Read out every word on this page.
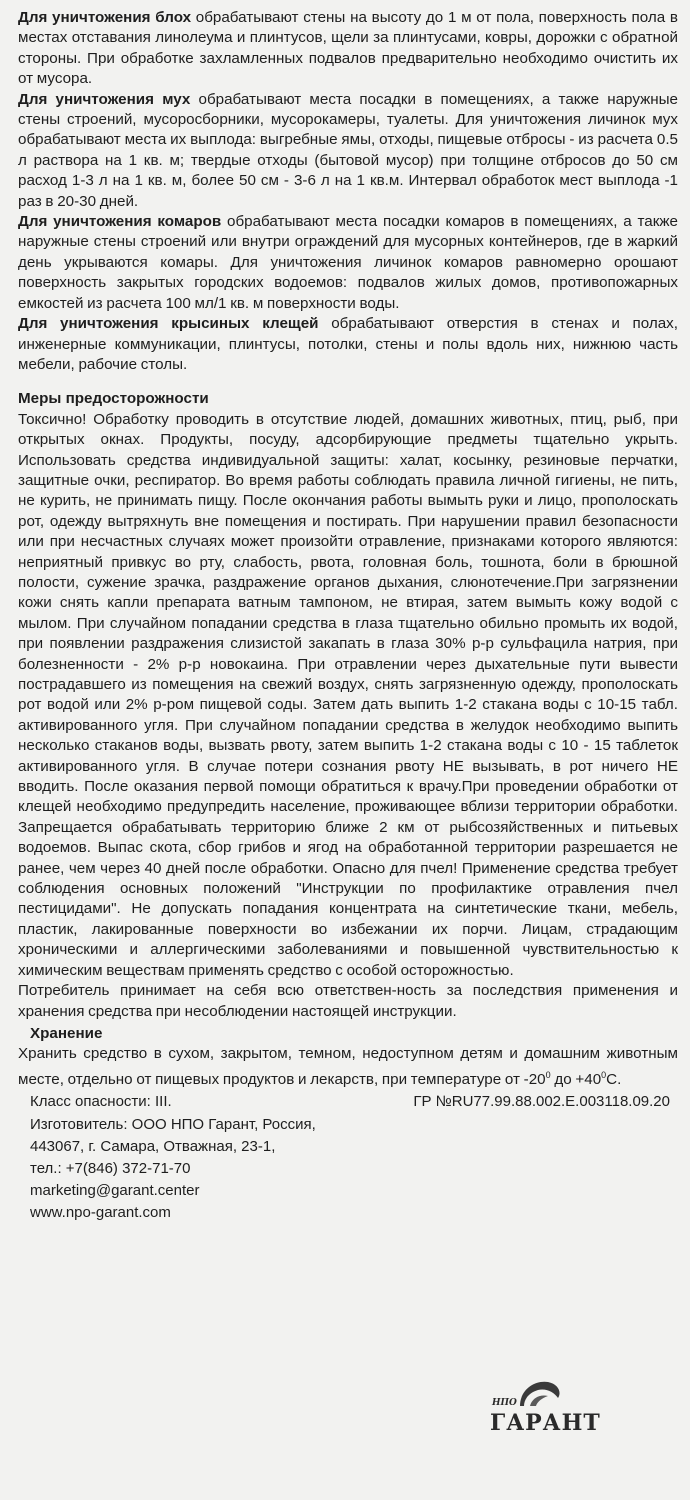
Для уничтожения блох обрабатывают стены на высоту до 1 м от пола, поверхность пола в местах отставания линолеума и плинтусов, щели за плинтусами, ковры, дорожки с обратной стороны. При обработке захламленных подвалов предварительно необходимо очистить их от мусора.

Для уничтожения мух обрабатывают места посадки в помещениях, а также наружные стены строений, мусоросборники, мусорокамеры, туалеты. Для уничтожения личинок мух обрабатывают места их выплода: выгребные ямы, отходы, пищевые отбросы - из расчета 0.5 л раствора на 1 кв. м; твердые отходы (бытовой мусор) при толщине отбросов до 50 см расход 1-3 л на 1 кв. м, более 50 см - 3-6 л на 1 кв.м. Интервал обработок мест выплода -1 раз в 20-30 дней.

Для уничтожения комаров обрабатывают места посадки комаров в помещениях, а также наружные стены строений или внутри ограждений для мусорных контейнеров, где в жаркий день укрываются комары. Для уничтожения личинок комаров равномерно орошают поверхность закрытых городских водоемов: подвалов жилых домов, противопожарных емкостей из расчета 100 мл/1 кв. м поверхности воды.

Для уничтожения крысиных клещей обрабатывают отверстия в стенах и полах, инженерные коммуникации, плинтусы, потолки, стены и полы вдоль них, нижнюю часть мебели, рабочие столы.

Меры предосторожности

Токсично! Обработку проводить в отсутствие людей, домашних животных, птиц, рыб, при открытых окнах. Продукты, посуду, адсорбирующие предметы тщательно укрыть. Использовать средства индивидуальной защиты: халат, косынку, резиновые перчатки, защитные очки, респиратор. Во время работы соблюдать правила личной гигиены, не пить, не курить, не принимать пищу. После окончания работы вымыть руки и лицо, прополоскать рот, одежду вытряхнуть вне помещения и постирать. При нарушении правил безопасности или при несчастных случаях может произойти отравление, признаками которого являются: неприятный привкус во рту, слабость, рвота, головная боль, тошнота, боли в брюшной полости, сужение зрачка, раздражение органов дыхания, слюнотечение.При загрязнении кожи снять капли препарата ватным тампоном, не втирая, затем вымыть кожу водой с мылом. При случайном попадании средства в глаза тщательно обильно промыть их водой, при появлении раздражения слизистой закапать в глаза 30% р-р сульфацила натрия, при болезненности - 2% р-р новокаина. При отравлении через дыхательные пути вывести пострадавшего из помещения на свежий воздух, снять загрязненную одежду, прополоскать рот водой или 2% р-ром пищевой соды. Затем дать выпить 1-2 стакана воды с 10-15 табл. активированного угля. При случайном попадании средства в желудок необходимо выпить несколько стаканов воды, вызвать рвоту, затем выпить 1-2 стакана воды с 10 - 15 таблеток активированного угля. В случае потери сознания рвоту НЕ вызывать, в рот ничего НЕ вводить. После оказания первой помощи обратиться к врачу.При проведении обработки от клещей необходимо предупредить население, проживающее вблизи территории обработки. Запрещается обрабатывать территорию ближе 2 км от рыбсозяйственных и питьевых водоемов. Выпас скота, сбор грибов и ягод на обработанной территории разрешается не ранее, чем через 40 дней после обработки. Опасно для пчел! Применение средства требует соблюдения основных положений "Инструкции по профилактике отравления пчел пестицидами". Не допускать попадания концентрата на синтетические ткани, мебель, пластик, лакированные поверхности во избежании их порчи. Лицам, страдающим хроническими и аллергическими заболеваниями и повышенной чувствительностью к химическим веществам применять средство с особой осторожностью.

Потребитель принимает на себя всю ответствен-ность за последствия применения и хранения средства при несоблюдении настоящей инструкции.

Хранение

Хранить средство в сухом, закрытом, темном, недоступном детям и домашним животным месте, отдельно от пищевых продуктов и лекарств, при температуре от $-20^0$ до $+40^0С$.

Класс опасности: III.	ГР №RU77.99.88.002.Е.003118.09.20
Изготовитель: ООО НПО Гарант, Россия,
443067, г. Самара, Отважная, 23-1,
тел.: +7(846) 372-71-70
marketing@garant.center
www.npo-garant.com
НПО
ГАРАНТ
